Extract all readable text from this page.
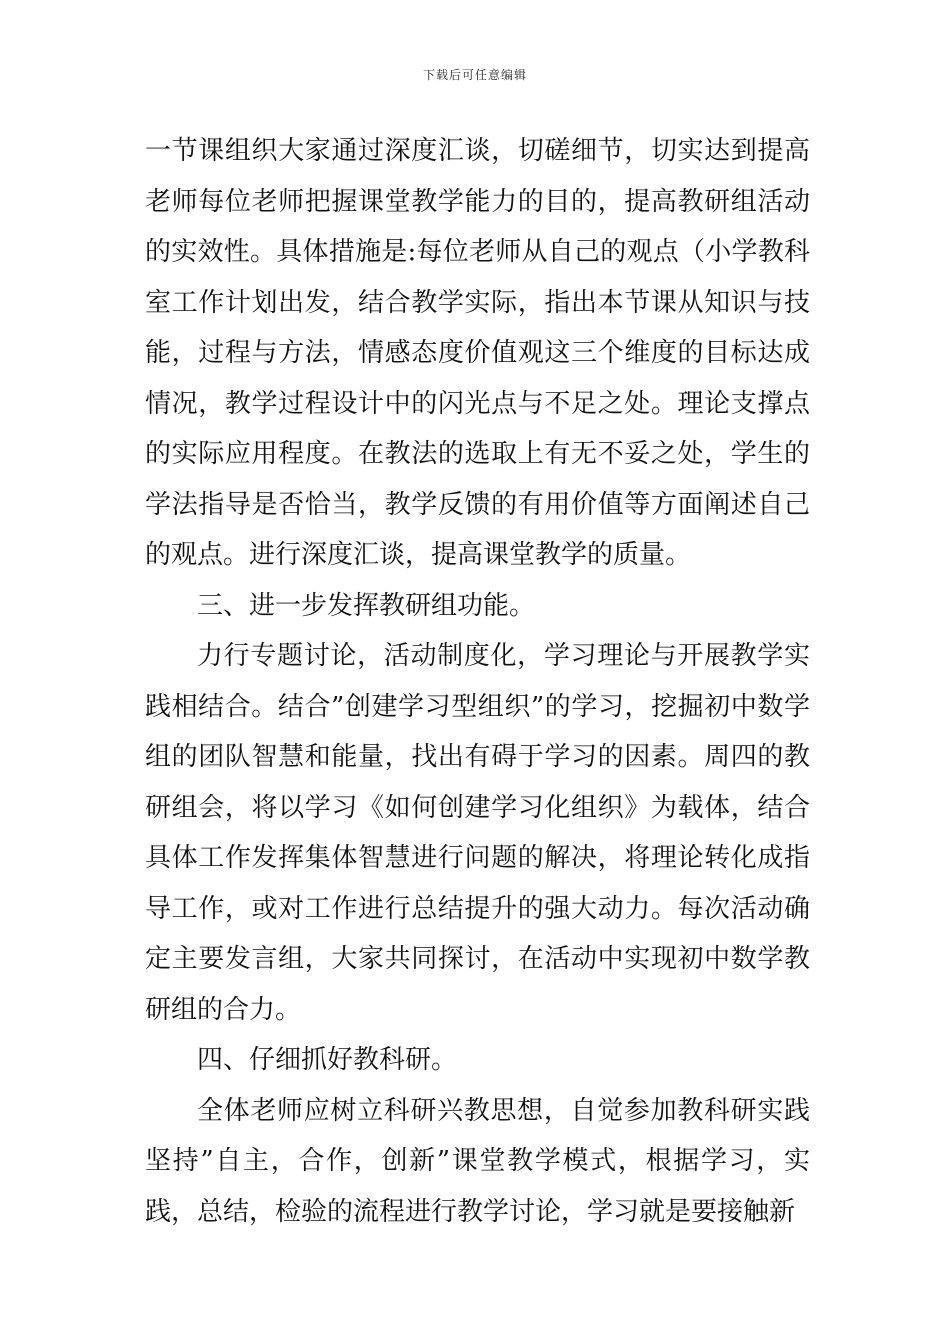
下载后可任意编辑

一节课组织大家通过深度汇谈，切磋细节，切实达到提高老师每位老师把握课堂教学能力的目的，提高教研组活动的实效性。具体措施是:每位老师从自己的观点（小学教科室工作计划出发，结合教学实际，指出本节课从知识与技能，过程与方法，情感态度价值观这三个维度的目标达成情况，教学过程设计中的闪光点与不足之处。理论支撑点的实际应用程度。在教法的选取上有无不妥之处，学生的学法指导是否恰当，教学反馈的有用价值等方面阐述自己的观点。进行深度汇谈，提高课堂教学的质量。

三、进一步发挥教研组功能。

力行专题讨论，活动制度化，学习理论与开展教学实践相结合。结合”创建学习型组织”的学习，挖掘初中数学组的团队智慧和能量，找出有碍于学习的因素。周四的教研组会，将以学习《如何创建学习化组织》为载体，结合具体工作发挥集体智慧进行问题的解决，将理论转化成指导工作，或对工作进行总结提升的强大动力。每次活动确定主要发言组，大家共同探讨，在活动中实现初中数学教研组的合力。

四、仔细抓好教科研。

全体老师应树立科研兴教思想，自觉参加教科研实践坚持”自主，合作，创新”课堂教学模式，根据学习，实践，总结，检验的流程进行教学讨论，学习就是要接触新
